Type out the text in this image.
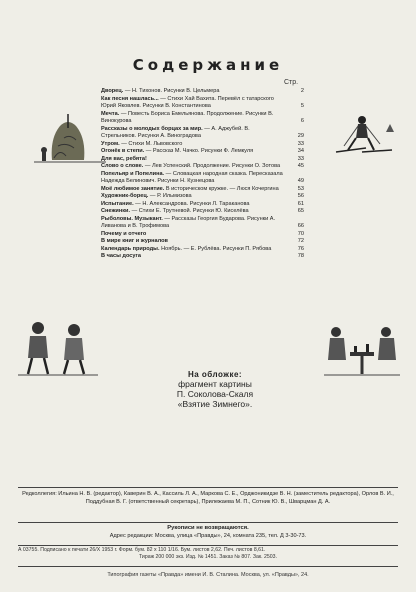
Содержание
Стр.
Дворец. — Н. Тихонов. Рисунки В. Цельмера	2
Как песня нашлась... — Стихи Хай Вахита. Перевёл с татарского Юрий Яковлев. Рисунки В. Константинова	5
Мечта. — Повесть Бориса Емельянова. Продолжение. Рисунки В. Винокурова	6
Рассказы о молодых борцах за мир. — А. Аджубей. В. Стрельников. Рисунки А. Виноградова	29
Утром. — Стихи М. Львовского	33
Огонёк в степи. — Рассказ М. Чачко. Рисунки Ф. Лемкуля	34
Для вас, ребята!	33
Слово о слове. — Лев Успенский. Продолжение. Рисунки О. Зотова	45
Попельяр и Попелина. — Словацкая народная сказка. Пересказала Надежда Белинович. Рисунки Н. Кузнецова	49
Моё любимое занятие. В историческом кружке. — Люся Кочергина	53
Художник-борец. — Р. Ильмизова	56
Испытание. — Н. Александрова. Рисунки Л. Тараканова	61
Снежинки. — Стихи Е. Трутневой. Рисунки Ю. Киселёва	65
Рыболовы. Музыкант. — Рассказы Георгия Бударова. Рисунки А. Ливанова и В. Трофимова	66
Почему и отчего	70
В мире книг и журналов	72
Календарь природы. Ноябрь. — Е. Рублёва. Рисунки П. Рябова	76
В часы досуга	78
На обложке:
фрагмент картины
П. Соколова-Скаля
«Взятие Зимнего».
Редколлегия: Ильина Н. В. (редактор), Каверин В. А., Кассиль Л. А., Маркова С. Е., Орджоникидзе В. Н. (заместитель редактора), Орлов В. И., Поддубная В. Г. (ответственный секретарь), Прилежаева М. П., Сотник Ю. В., Шварцман Д. А.
Рукописи не возвращаются.
Адрес редакции: Москва, улица «Правды», 24, комната 235, тел. Д 3-30-73.
А 03755. Подписано к печати 26/X 1953 г. Форм. бум. 82 x 110 1/16. Бум. листов 2,62. Печ. листов 8,61.
Тираж 200 000 экз. Изд. № 1451. Заказ № 807. Зак. 2503.
Типография газеты «Правда» имени И. В. Сталина. Москва, ул. «Правды», 24.
